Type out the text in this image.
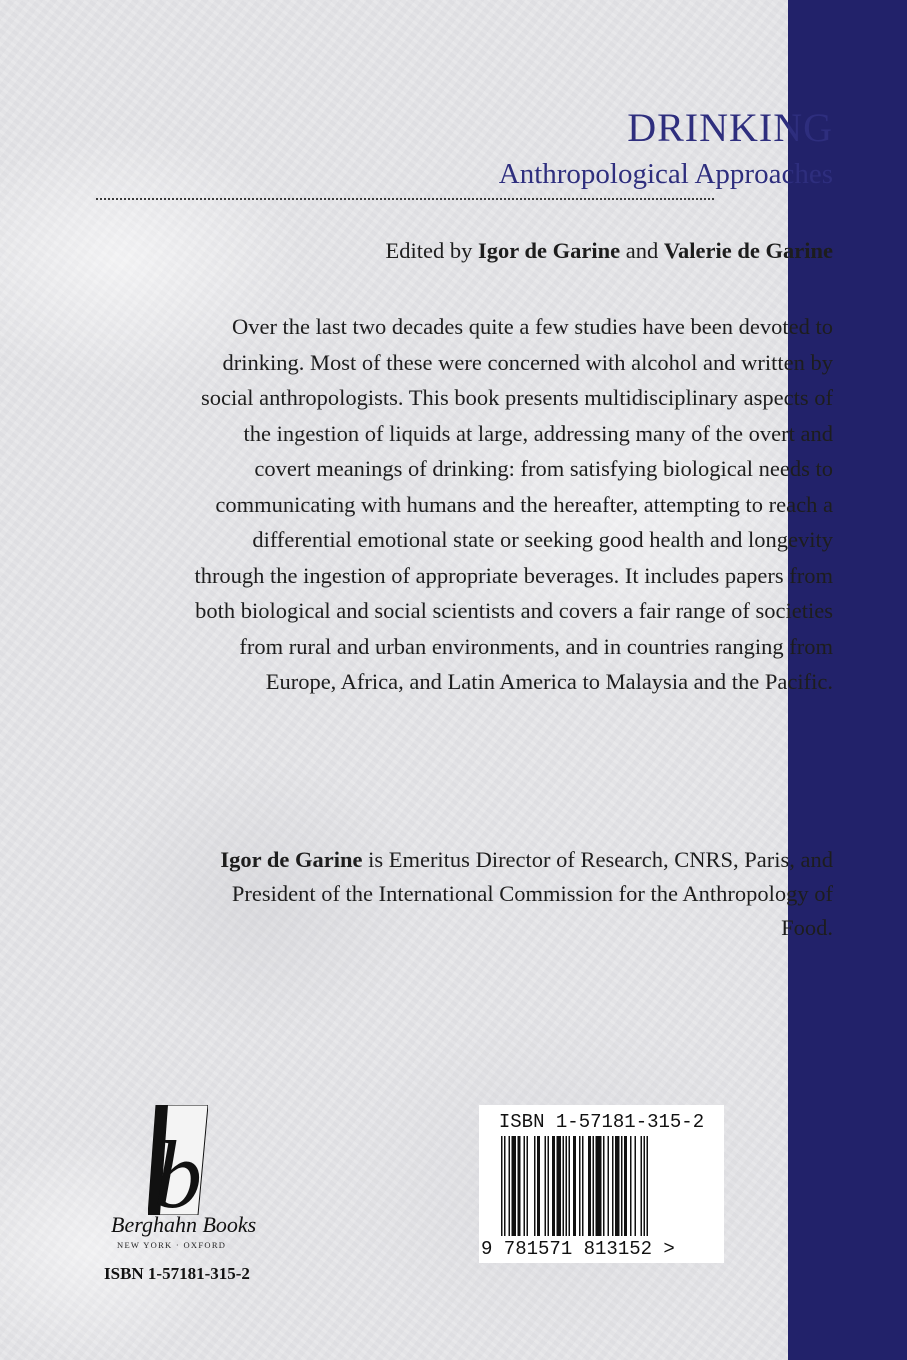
DRINKING
Anthropological Approaches
Edited by Igor de Garine and Valerie de Garine

Over the last two decades quite a few studies have been devoted to drinking. Most of these were concerned with alcohol and written by social anthropologists. This book presents multidisciplinary aspects of the ingestion of liquids at large, addressing many of the overt and covert meanings of drinking: from satisfying biological needs to communicating with humans and the hereafter, attempting to reach a differential emotional state or seeking good health and longevity through the ingestion of appropriate beverages. It includes papers from both biological and social scientists and covers a fair range of societies from rural and urban environments, and in countries ranging from Europe, Africa, and Latin America to Malaysia and the Pacific.

Igor de Garine is Emeritus Director of Research, CNRS, Paris, and President of the International Commission for the Anthropology of Food.

b
Berghahn Books
NEW YORK · OXFORD
ISBN 1-57181-315-2
ISBN 1-57181-315-2
9 781571 813152 >
